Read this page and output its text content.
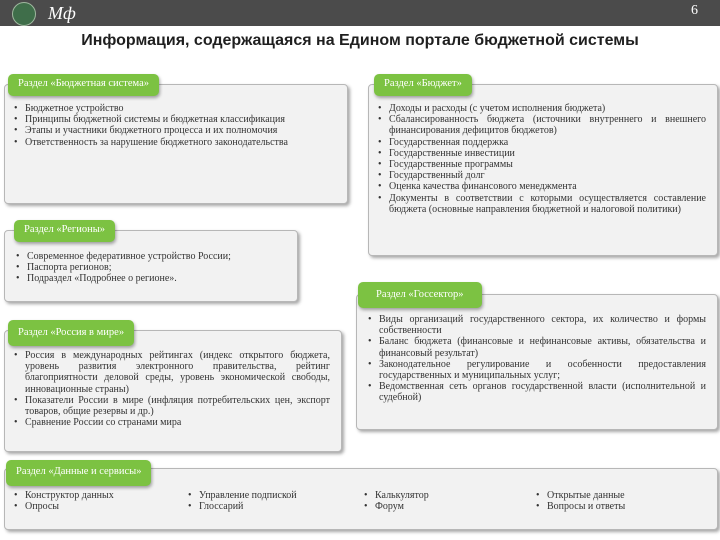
Мф	6
Информация, содержащаяся на Едином портале бюджетной системы
Раздел «Бюджетная система»
• Бюджетное устройство
• Принципы бюджетной системы и бюджетная классификация
• Этапы и участники бюджетного процесса и их полномочия
• Ответственность за нарушение бюджетного законодательства
Раздел «Бюджет»
• Доходы и расходы (с учетом исполнения бюджета)
• Сбалансированность бюджета (источники внутреннего и внешнего финансирования дефицитов бюджетов)
• Государственная поддержка
• Государственные инвестиции
• Государственные программы
• Государственный долг
• Оценка качества финансового менеджмента
• Документы в соответствии с которыми осуществляется составление бюджета (основные направления бюджетной и налоговой политики)
Раздел «Регионы»
• Современное федеративное устройство России;
• Паспорта регионов;
• Подраздел «Подробнее о регионе».
Раздел «Госсектор»
• Виды организаций государственного сектора, их количество и формы собственности
• Баланс бюджета (финансовые и нефинансовые активы, обязательства и финансовый результат)
• Законодательное регулирование и особенности предоставления государственных и муниципальных услуг;
• Ведомственная сеть органов государственной власти (исполнительной и судебной)
Раздел «Россия в мире»
• Россия в международных рейтингах (индекс открытого бюджета, уровень развития электронного правительства, рейтинг благоприятности деловой среды, уровень экономической свободы, инновационные страны)
• Показатели России в мире (инфляция потребительских цен, экспорт товаров, общие резервы и др.)
• Сравнение России со странами мира
Раздел «Данные и сервисы»
• Конструктор данных
• Опросы
• Управление подпиской
• Глоссарий
• Калькулятор
• Форум
• Открытые данные
• Вопросы и ответы
